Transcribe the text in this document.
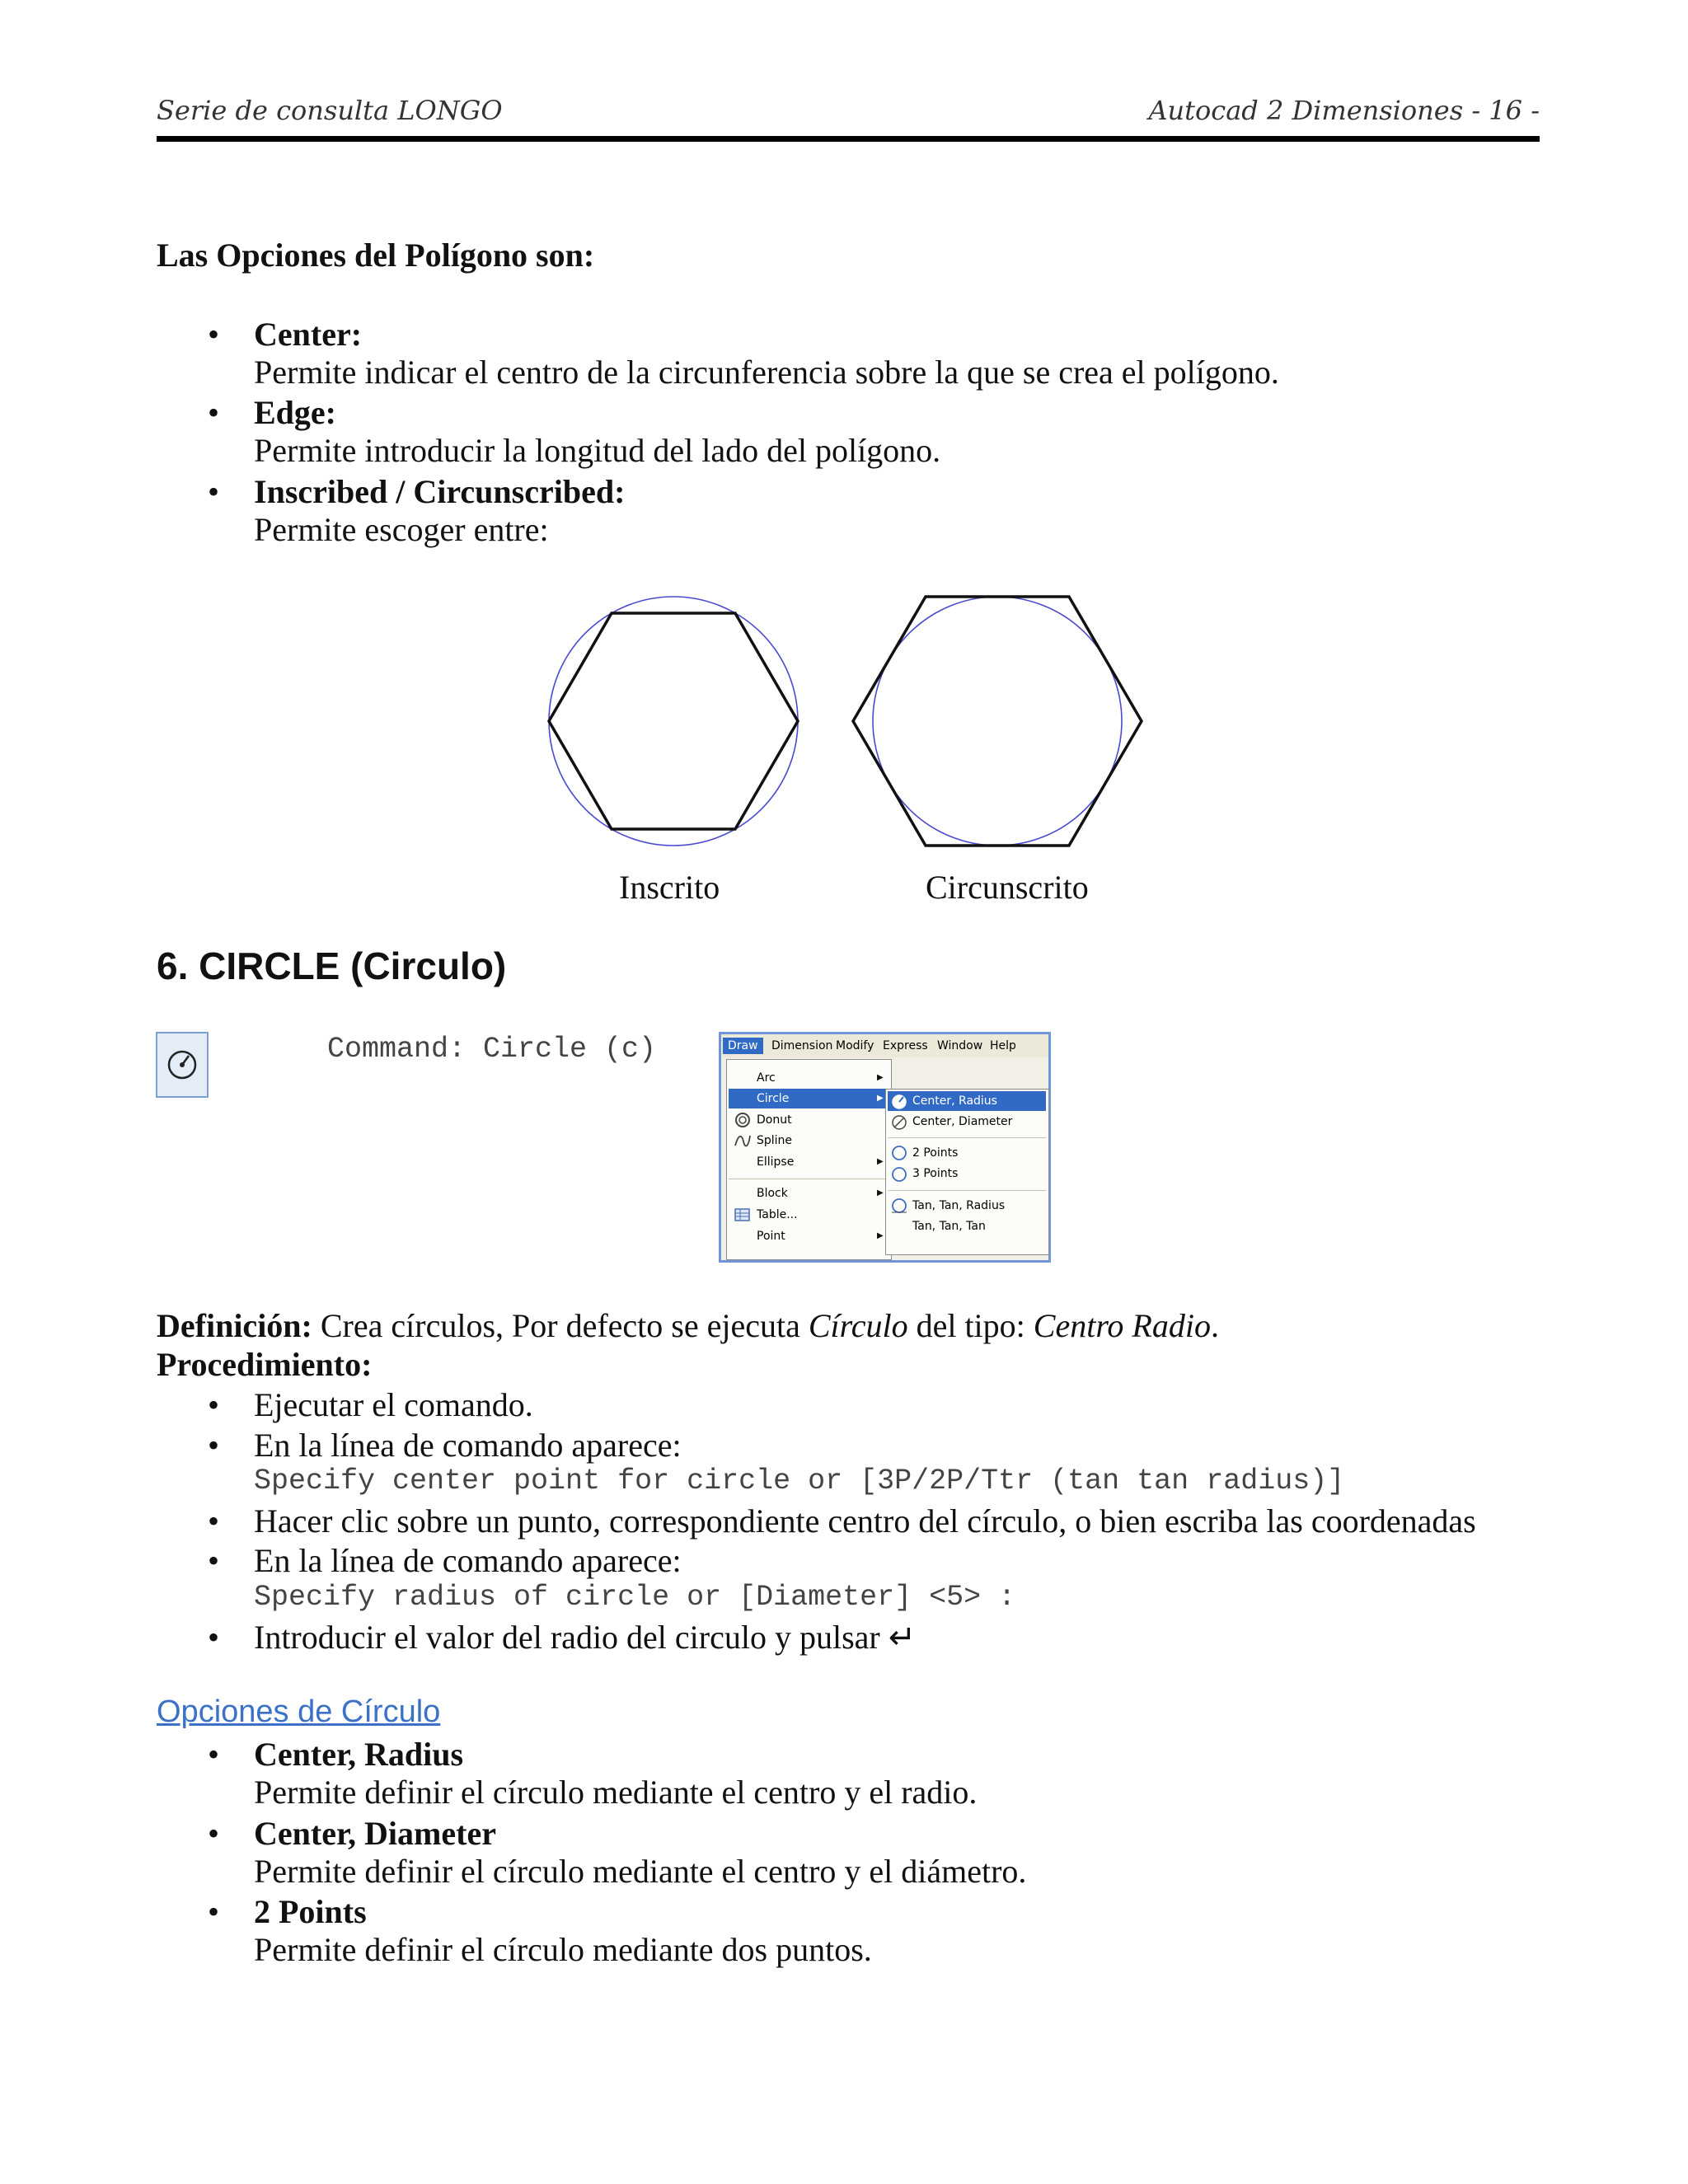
Serie de consulta LONGO	Autocad 2 Dimensiones - 16 -
Las Opciones del Polígono son:
• Center:
Permite indicar el centro de la circunferencia sobre la que se crea el polígono.
• Edge:
Permite introducir la longitud del lado del polígono.
• Inscribed / Circunscribed:
Permite escoger entre:
Inscrito	Circunscrito
6. CIRCLE (Circulo)
Command: Circle (c)	Draw	Dimension Modify Express Window Help
Arc	▶
Circle	▶
Donut
Spline
Ellipse	▶
Block	▶
Table...
Point	▶
Center, Radius
Center, Diameter
2 Points
3 Points
Tan, Tan, Radius
Tan, Tan, Tan
Definición: Crea círculos, Por defecto se ejecuta Círculo del tipo: Centro Radio.
Procedimiento:
• Ejecutar el comando.
• En la línea de comando aparece:
Specify center point for circle or [3P/2P/Ttr (tan tan radius)]
• Hacer clic sobre un punto, correspondiente centro del círculo, o bien escriba las coordenadas
• En la línea de comando aparece:
Specify radius of circle or [Diameter] <5> :
• Introducir el valor del radio del circulo y pulsar ↵
Opciones de Círculo
• Center, Radius
Permite definir el círculo mediante el centro y el radio.
• Center, Diameter
Permite definir el círculo mediante el centro y el diámetro.
• 2 Points
Permite definir el círculo mediante dos puntos.
